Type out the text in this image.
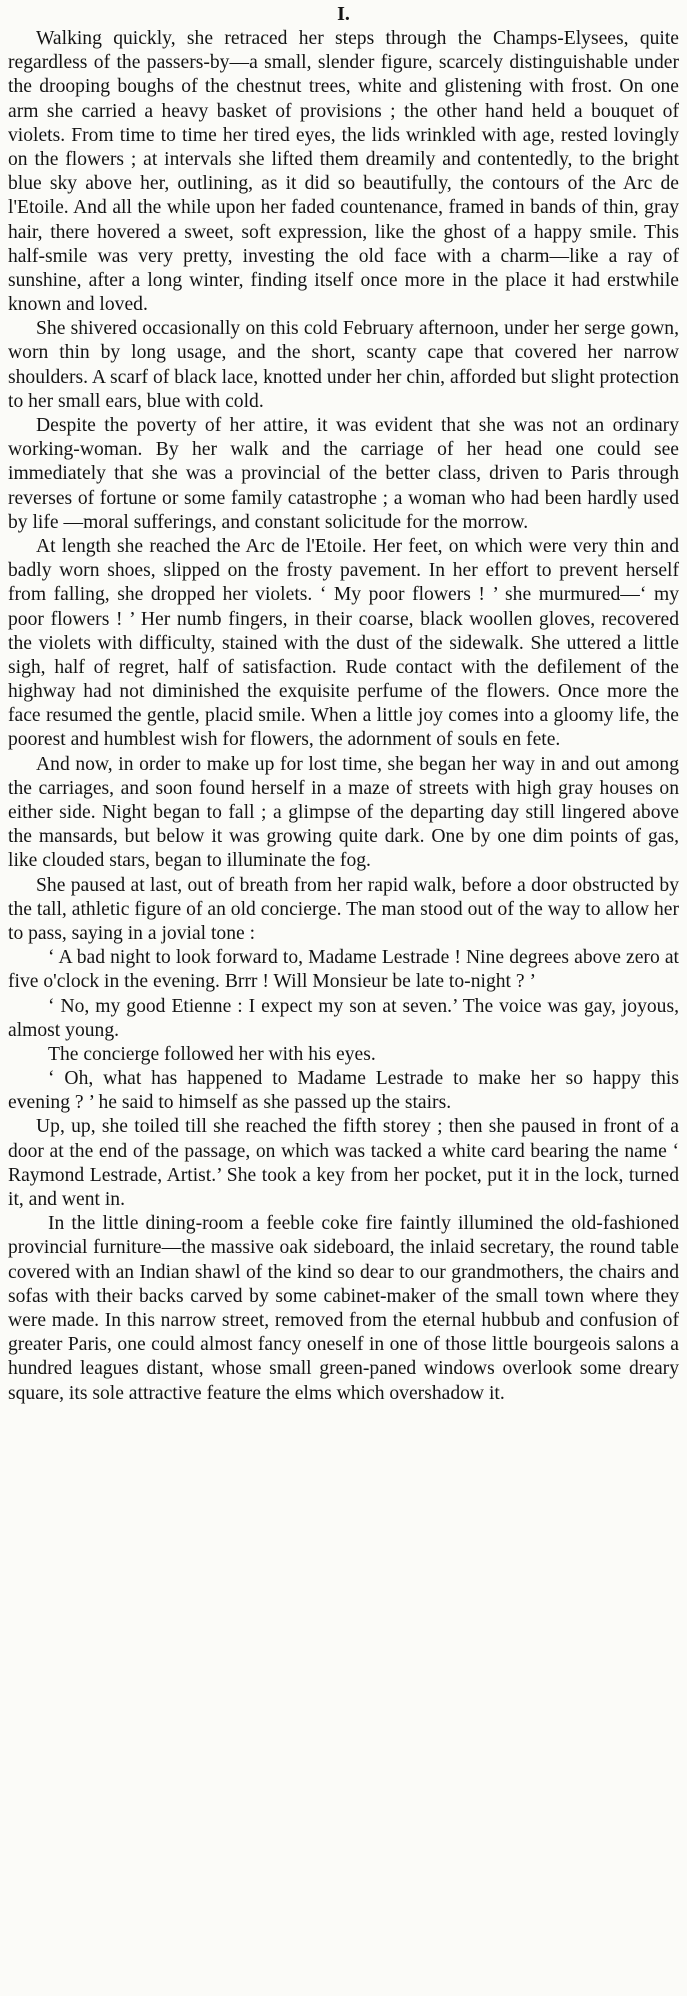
I.

Walking quickly, she retraced her steps through the Champs-Elysees, quite regardless of the passers-by—a small, slender figure, scarcely distinguishable under the drooping boughs of the chestnut trees, white and glistening with frost. On one arm she carried a heavy basket of provisions ; the other hand held a bouquet of violets. From time to time her tired eyes, the lids wrinkled with age, rested lovingly on the flowers ; at intervals she lifted them dreamily and contentedly, to the bright blue sky above her, outlining, as it did so beautifully, the contours of the Arc de l'Etoile. And all the while upon her faded countenance, framed in bands of thin, gray hair, there hovered a sweet, soft expression, like the ghost of a happy smile. This half-smile was very pretty, investing the old face with a charm—like a ray of sunshine, after a long winter, finding itself once more in the place it had erstwhile known and loved.

She shivered occasionally on this cold February afternoon, under her serge gown, worn thin by long usage, and the short, scanty cape that covered her narrow shoulders. A scarf of black lace, knotted under her chin, afforded but slight protection to her small ears, blue with cold.

Despite the poverty of her attire, it was evident that she was not an ordinary working-woman. By her walk and the carriage of her head one could see immediately that she was a provincial of the better class, driven to Paris through reverses of fortune or some family catastrophe ; a woman who had been hardly used by life —moral sufferings, and constant solicitude for the morrow.

At length she reached the Arc de l'Etoile. Her feet, on which were very thin and badly worn shoes, slipped on the frosty pavement. In her effort to prevent herself from falling, she dropped her violets. ‘ My poor flowers ! ’ she murmured—‘ my poor flowers ! ’ Her numb fingers, in their coarse, black woollen gloves, recovered the violets with difficulty, stained with the dust of the sidewalk. She uttered a little sigh, half of regret, half of satisfaction. Rude contact with the defilement of the highway had not diminished the exquisite perfume of the flowers. Once more the face resumed the gentle, placid smile. When a little joy comes into a gloomy life, the poorest and humblest wish for flowers, the adornment of souls en fete.

And now, in order to make up for lost time, she began her way in and out among the carriages, and soon found herself in a maze of streets with high gray houses on either side. Night began to fall ; a glimpse of the departing day still lingered above the mansards, but below it was growing quite dark. One by one dim points of gas, like clouded stars, began to illuminate the fog.

She paused at last, out of breath from her rapid walk, before a door obstructed by the tall, athletic figure of an old concierge. The man stood out of the way to allow her to pass, saying in a jovial tone :

‘ A bad night to look forward to, Madame Lestrade ! Nine degrees above zero at five o'clock in the evening. Brrr ! Will Monsieur be late to-night ? ’

‘ No, my good Etienne : I expect my son at seven.’ The voice was gay, joyous, almost young.

The concierge followed her with his eyes.

‘ Oh, what has happened to Madame Lestrade to make her so happy this evening ? ’ he said to himself as she passed up the stairs.

Up, up, she toiled till she reached the fifth storey ; then she paused in front of a door at the end of the passage, on which was tacked a white card bearing the name ‘ Raymond Lestrade, Artist.’ She took a key from her pocket, put it in the lock, turned it, and went in.

In the little dining-room a feeble coke fire faintly illumined the old-fashioned provincial furniture—the massive oak sideboard, the inlaid secretary, the round table covered with an Indian shawl of the kind so dear to our grandmothers, the chairs and sofas with their backs carved by some cabinet-maker of the small town where they were made. In this narrow street, removed from the eternal hubbub and confusion of greater Paris, one could almost fancy oneself in one of those little bourgeois salons a hundred leagues distant, whose small green-paned windows overlook some dreary square, its sole attractive feature the elms which overshadow it.
